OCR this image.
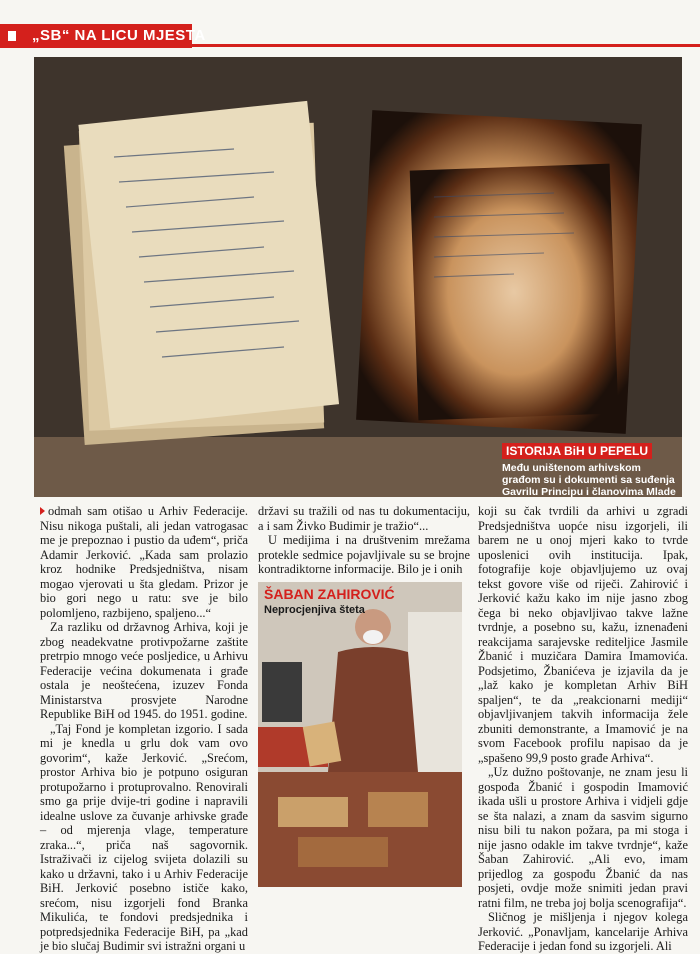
„SB“ NA LICU MJESTA
ISTORIJA BiH U PEPELU
Među uništenom arhivskom građom su i dokumenti sa suđenja Gavrilu Principu i članovima Mlade

odmah sam otišao u Arhiv Federacije. Nisu nikoga puštali, ali jedan vatrogasac me je prepoznao i pustio da uđem“, priča Adamir Jerković. „Kada sam prolazio kroz hodnike Predsjedništva, nisam mogao vjerovati u šta gledam. Prizor je bio gori nego u ratu: sve je bilo polomljeno, razbijeno, spaljeno...“

Za razliku od državnog Arhiva, koji je zbog neadekvatne protivpožarne zaštite pretrpio mnogo veće posljedice, u Arhivu Federacije većina dokumenata i građe ostala je neoštećena, izuzev Fonda Ministarstva prosvjete Narodne Republike BiH od 1945. do 1951. godine.

„Taj Fond je kompletan izgorio. I sada mi je knedla u grlu dok vam ovo govorim“, kaže Jerković. „Srećom, prostor Arhiva bio je potpuno osiguran protupožarno i protuprovalno. Renovirali smo ga prije dvije-tri godine i napravili idealne uslove za čuvanje arhivske građe – od mjerenja vlage, temperature zraka...“, priča naš sagovornik. Istraživači iz cijelog svijeta dolazili su kako u državni, tako i u Arhiv Federacije BiH. Jerković posebno ističe kako, srećom, nisu izgorjeli fond Branka Mikulića, te fondovi predsjednika i potpredsjednika Federacije BiH, pa „kad je bio slučaj Budimir svi istražni organi u

državi su tražili od nas tu dokumentaciju, a i sam Živko Budimir je tražio“...

U medijima i na društvenim mrežama protekle sedmice pojavljivale su se brojne kontradiktorne informacije. Bilo je i onih

ŠABAN ZAHIROVIĆ
Neprocjenjiva šteta

koji su čak tvrdili da arhivi u zgradi Predsjedništva uopće nisu izgorjeli, ili barem ne u onoj mjeri kako to tvrde uposlenici ovih institucija. Ipak, fotografije koje objavljujemo uz ovaj tekst govore više od riječi. Zahirović i Jerković kažu kako im nije jasno zbog čega bi neko objavljivao takve lažne tvrdnje, a posebno su, kažu, iznenađeni reakcijama sarajevske rediteljice Jasmile Žbanić i muzičara Damira Imamovića. Podsjetimo, Žbanićeva je izjavila da je „laž kako je kompletan Arhiv BiH spaljen“, te da „reakcionarni mediji“ objavljivanjem takvih informacija žele zbuniti demonstrante, a Imamović je na svom Facebook profilu napisao da je „spašeno 99,9 posto građe Arhiva“.

„Uz dužno poštovanje, ne znam jesu li gospođa Žbanić i gospodin Imamović ikada ušli u prostore Arhiva i vidjeli gdje se šta nalazi, a znam da sasvim sigurno nisu bili tu nakon požara, pa mi stoga i nije jasno odakle im takve tvrdnje“, kaže Šaban Zahirović. „Ali evo, imam prijedlog za gospođu Žbanić da nas posjeti, ovdje može snimiti jedan pravi ratni film, ne treba joj bolja scenografija“.

Sličnog je mišljenja i njegov kolega Jerković. „Ponavljam, kancelarije Arhiva Federacije i jedan fond su izgorjeli. Ali
